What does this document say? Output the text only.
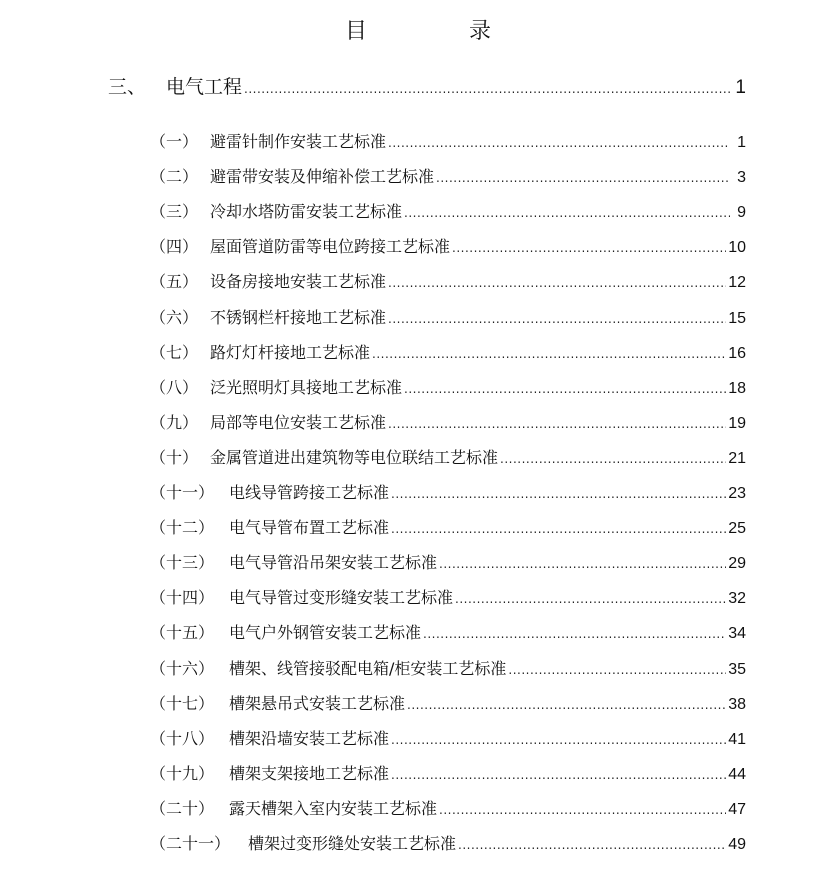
目　录
三、	电气工程 .....	1
（一） 避雷针制作安装工艺标准 .....	1
（二） 避雷带安装及伸缩补偿工艺标准 .....	3
（三） 冷却水塔防雷安装工艺标准 .....	9
（四） 屋面管道防雷等电位跨接工艺标准 .....	10
（五） 设备房接地安装工艺标准 .....	12
（六） 不锈钢栏杆接地工艺标准 .....	15
（七） 路灯灯杆接地工艺标准 .....	16
（八） 泛光照明灯具接地工艺标准 .....	18
（九） 局部等电位安装工艺标准 .....	19
（十） 金属管道进出建筑物等电位联结工艺标准 .....	21
（十一） 电线导管跨接工艺标准 .....	23
（十二） 电气导管布置工艺标准 .....	25
（十三） 电气导管沿吊架安装工艺标准 .....	29
（十四） 电气导管过变形缝安装工艺标准 .....	32
（十五） 电气户外钢管安装工艺标准 .....	34
（十六） 槽架、线管接驳配电箱/柜安装工艺标准 .....	35
（十七） 槽架悬吊式安装工艺标准 .....	38
（十八） 槽架沿墙安装工艺标准 .....	41
（十九） 槽架支架接地工艺标准 .....	44
（二十） 露天槽架入室内安装工艺标准 .....	47
（二十一）	槽架过变形缝处安装工艺标准 .....	49
